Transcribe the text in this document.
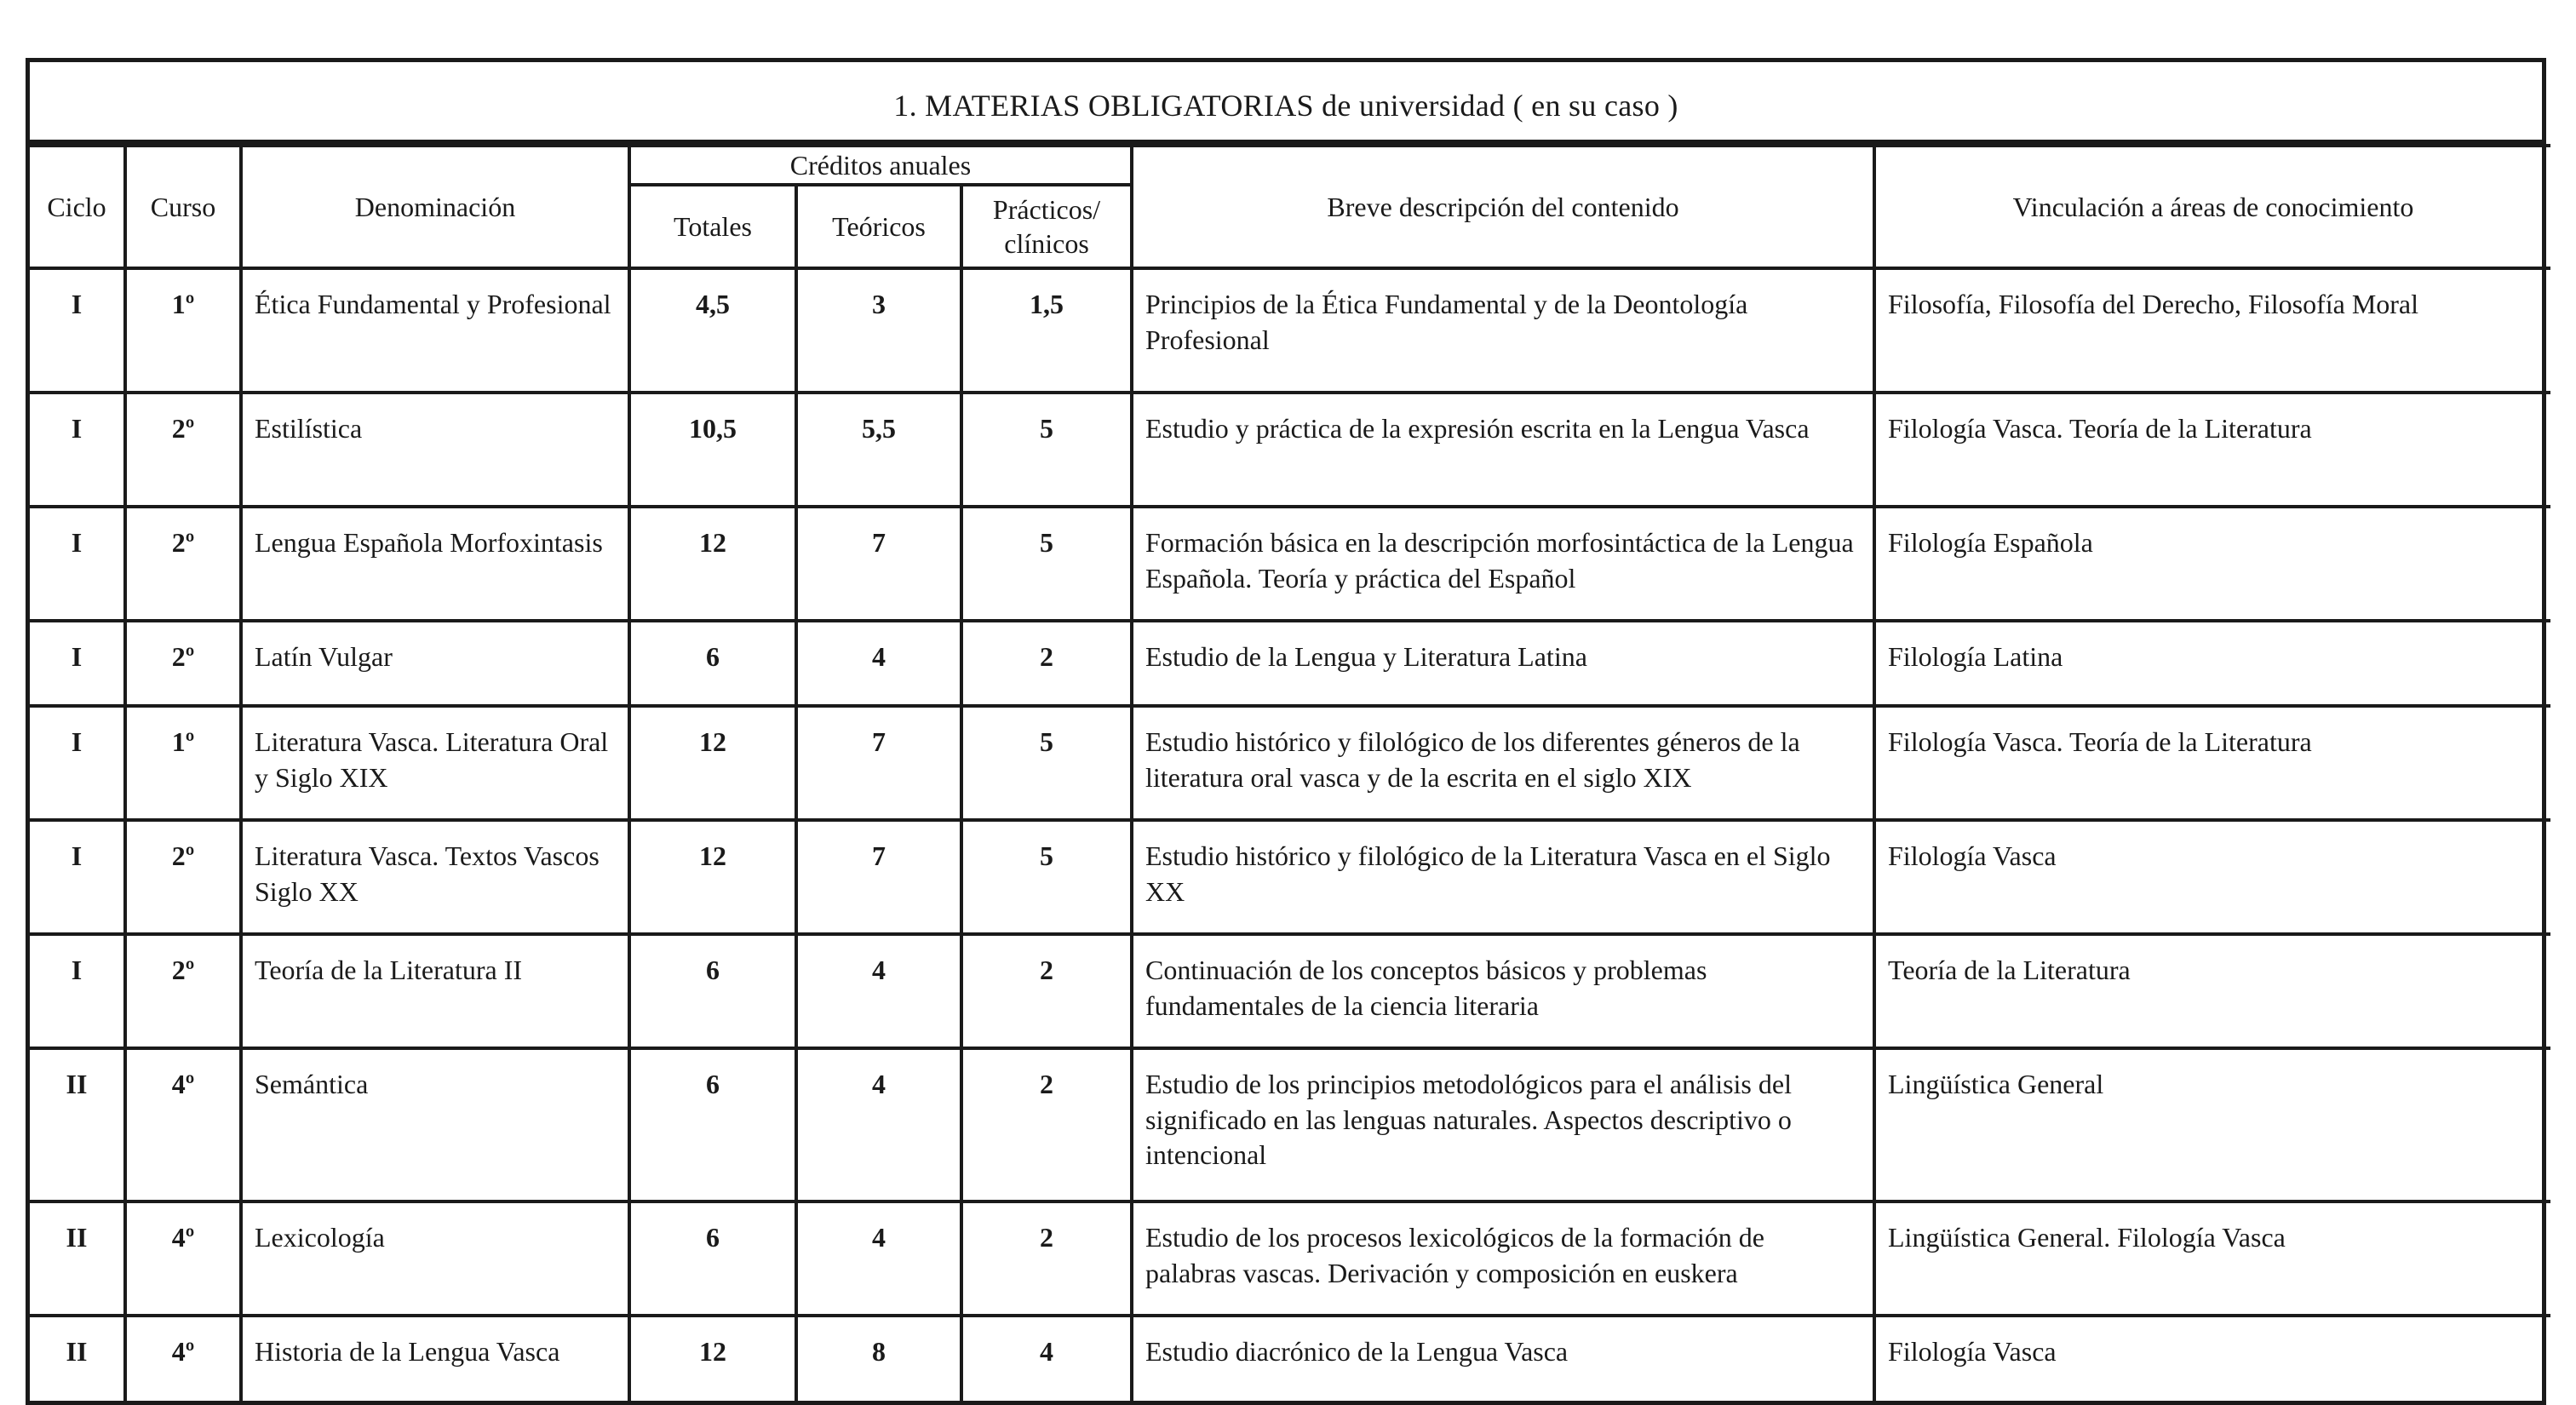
1. MATERIAS OBLIGATORIAS de universidad ( en su caso )
Ciclo	Curso	Denominación	Créditos anuales			Breve descripción del contenido	Vinculación a áreas de conocimiento
			Totales	Teóricos	Prácticos/ clínicos		
I	1º	Ética Fundamental y Profesional	4,5	3	1,5	Principios de la Ética Fundamental y de la Deontología Profesional	Filosofía, Filosofía del Derecho, Filosofía Moral
I	2º	Estilística	10,5	5,5	5	Estudio y práctica de la expresión escrita en la Lengua Vasca	Filología Vasca. Teoría de la Literatura
I	2º	Lengua Española Morfoxintasis	12	7	5	Formación básica en la descripción morfosintáctica de la Lengua Española. Teoría y práctica del Español	Filología Española
I	2º	Latín Vulgar	6	4	2	Estudio de la Lengua y Literatura Latina	Filología Latina
I	1º	Literatura Vasca. Literatura Oral y Siglo XIX	12	7	5	Estudio histórico y filológico de los diferentes géneros de la literatura oral vasca y de la escrita en el siglo XIX	Filología Vasca. Teoría de la Literatura
I	2º	Literatura Vasca. Textos Vascos Siglo XX	12	7	5	Estudio histórico y filológico de la Literatura Vasca en el Siglo XX	Filología Vasca
I	2º	Teoría de la Literatura II	6	4	2	Continuación de los conceptos básicos y problemas fundamentales de la ciencia literaria	Teoría de la Literatura
II	4º	Semántica	6	4	2	Estudio de los principios metodológicos para el análisis del significado en las lenguas naturales. Aspectos descriptivo o intencional	Lingüística General
II	4º	Lexicología	6	4	2	Estudio de los procesos lexicológicos de la formación de palabras vascas. Derivación y composición en euskera	Lingüística General. Filología Vasca
II	4º	Historia de la Lengua Vasca	12	8	4	Estudio diacrónico de la Lengua Vasca	Filología Vasca
